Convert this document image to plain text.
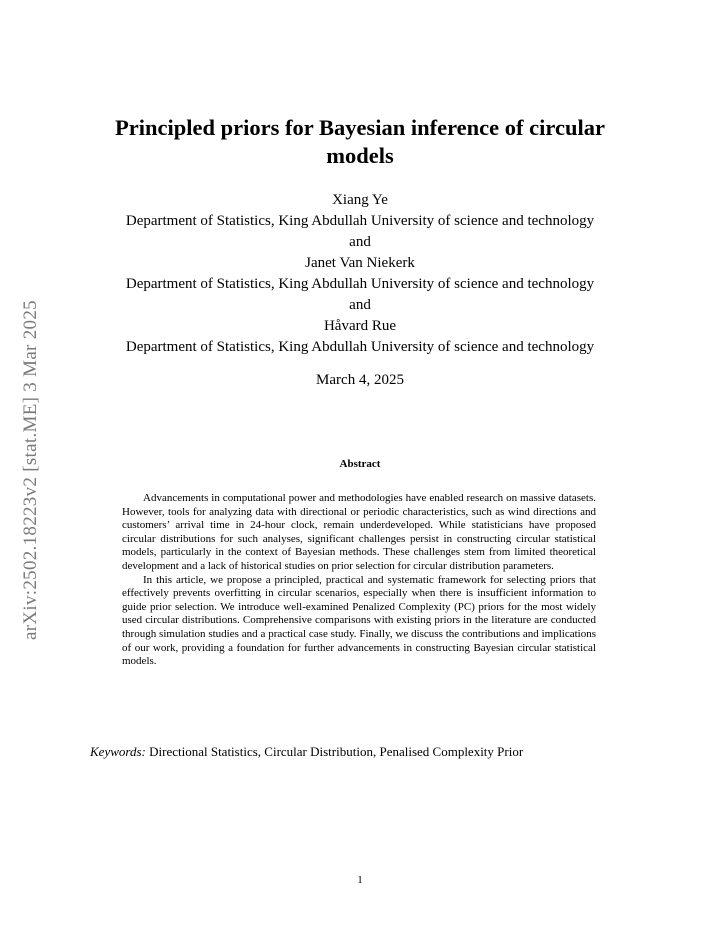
arXiv:2502.18223v2 [stat.ME] 3 Mar 2025
Principled priors for Bayesian inference of circular models
Xiang Ye
Department of Statistics, King Abdullah University of science and technology
and
Janet Van Niekerk
Department of Statistics, King Abdullah University of science and technology
and
Håvard Rue
Department of Statistics, King Abdullah University of science and technology
March 4, 2025
Abstract

Advancements in computational power and methodologies have enabled research on massive datasets. However, tools for analyzing data with directional or periodic characteristics, such as wind directions and customers’ arrival time in 24-hour clock, remain underdeveloped. While statisticians have proposed circular distributions for such analyses, significant challenges persist in constructing circular statistical models, particularly in the context of Bayesian methods. These challenges stem from limited theoretical development and a lack of historical studies on prior selection for circular distribution parameters.

In this article, we propose a principled, practical and systematic framework for selecting priors that effectively prevents overfitting in circular scenarios, especially when there is insufficient information to guide prior selection. We introduce well-examined Penalized Complexity (PC) priors for the most widely used circular distributions. Comprehensive comparisons with existing priors in the literature are conducted through simulation studies and a practical case study. Finally, we discuss the contributions and implications of our work, providing a foundation for further advancements in constructing Bayesian circular statistical models.

Keywords: Directional Statistics, Circular Distribution, Penalised Complexity Prior
1
